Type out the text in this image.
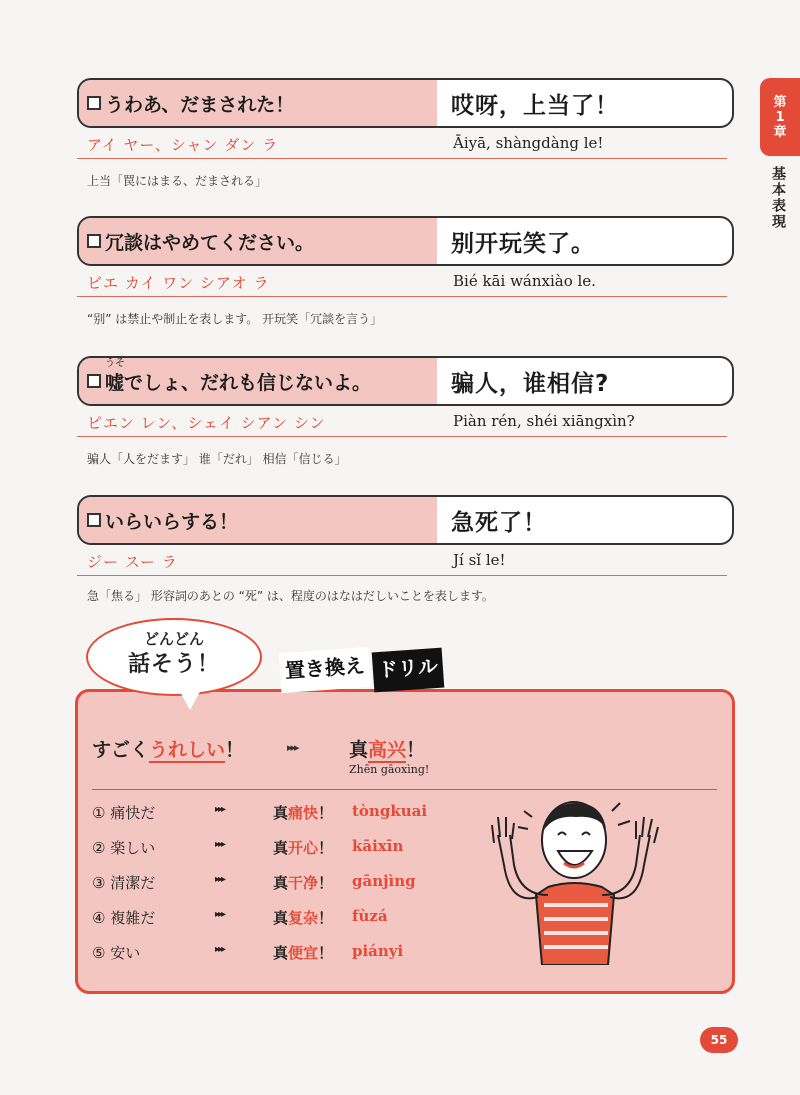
第
1
章
基本表現
うわあ、だまされた！	哎呀，上当了！
アイ ヤー、シャン ダン ラ	Āiyā, shàngdàng le!
上当「罠にはまる、だまされる」
冗談はやめてください。	别开玩笑了。
ビエ カイ ワン シアオ ラ	Bié kāi wánxiào le.
“别” は禁止や制止を表します。 开玩笑「冗談を言う」
うそ
嘘 でしょ、だれも信じないよ。	骗人，谁相信?
ピエン レン、シェイ シアン シン	Piàn rén, shéi xiāngxìn?
骗人「人をだます」 谁「だれ」 相信「信じる」
いらいらする！	急死了！
ジー スー ラ	Jí sǐ le!
急「焦る」 形容詞のあとの “死” は、程度のはなはだしいことを表します。
どんどん
話そう！	置き換え ドリル
すごくうれしい！	▸▸▸	真高兴！
Zhēn gāoxìng!
① 痛快だ	▸▸▸	真痛快！ tòngkuai
② 楽しい	▸▸▸	真开心！ kāixīn
③ 清潔だ	▸▸▸	真干净！ gānjìng
④ 複雑だ	▸▸▸	真复杂！ fùzá
⑤ 安い	▸▸▸	真便宜！ piányi
55
